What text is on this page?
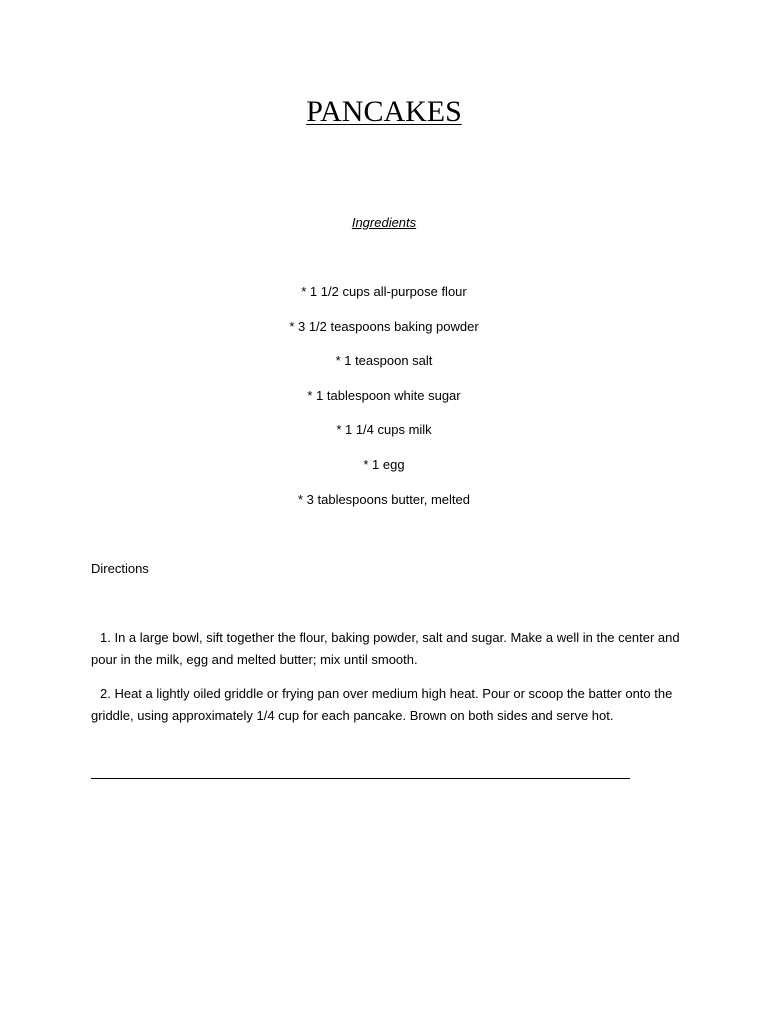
PANCAKES
Ingredients
* 1 1/2 cups all-purpose flour
* 3 1/2 teaspoons baking powder
* 1 teaspoon salt
* 1 tablespoon white sugar
* 1 1/4 cups milk
* 1 egg
* 3 tablespoons butter, melted
Directions

1. In a large bowl, sift together the flour, baking powder, salt and sugar. Make a well in the center and pour in the milk, egg and melted butter; mix until smooth.

2. Heat a lightly oiled griddle or frying pan over medium high heat. Pour or scoop the batter onto the griddle, using approximately 1/4 cup for each pancake. Brown on both sides and serve hot.
